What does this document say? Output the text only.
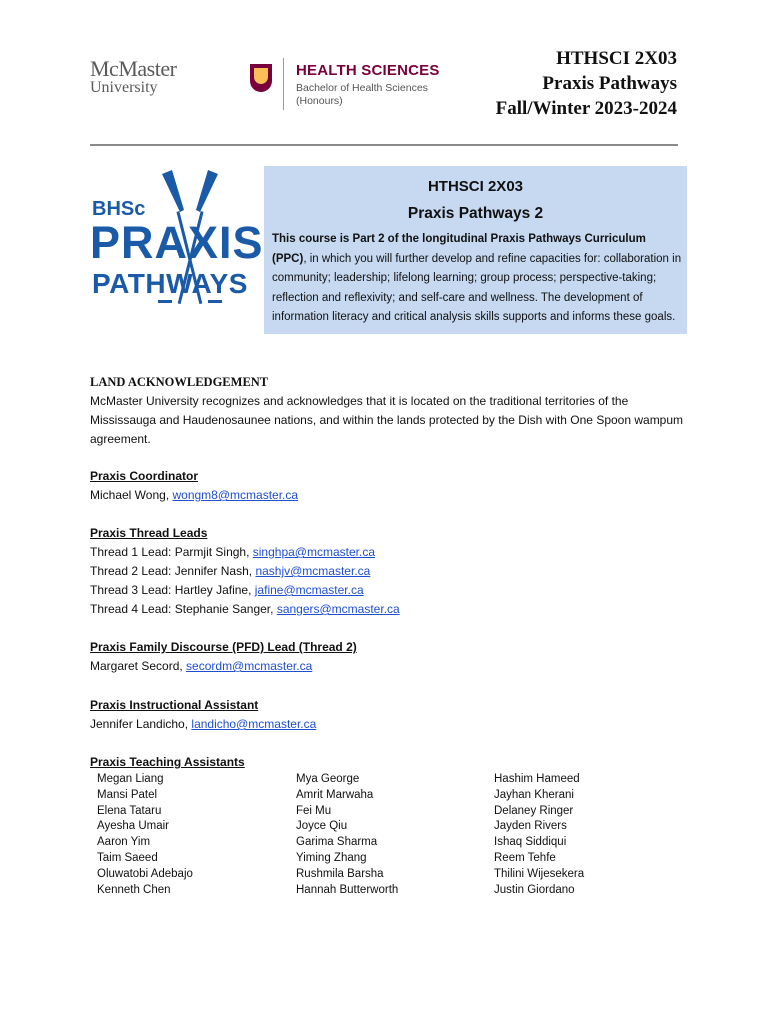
McMaster
University
HEALTH SCIENCES
Bachelor of Health Sciences
(Honours)
HTHSCI 2X03
Praxis Pathways
Fall/Winter 2023-2024
BHSc
PRAXIS
PATHWAYS
HTHSCI 2X03
Praxis Pathways 2
This course is Part 2 of the longitudinal Praxis Pathways Curriculum (PPC), in which you will further develop and refine capacities for: collaboration in community; leadership; lifelong learning; group process; perspective-taking; reflection and reflexivity; and self-care and wellness. The development of information literacy and critical analysis skills supports and informs these goals.
LAND ACKNOWLEDGEMENT
McMaster University recognizes and acknowledges that it is located on the traditional territories of the Mississauga and Haudenosaunee nations, and within the lands protected by the Dish with One Spoon wampum agreement.
Praxis Coordinator
Michael Wong, wongm8@mcmaster.ca
Praxis Thread Leads
Thread 1 Lead: Parmjit Singh, singhpa@mcmaster.ca
Thread 2 Lead: Jennifer Nash, nashjv@mcmaster.ca
Thread 3 Lead: Hartley Jafine, jafine@mcmaster.ca
Thread 4 Lead: Stephanie Sanger, sangers@mcmaster.ca
Praxis Family Discourse (PFD) Lead (Thread 2)
Margaret Secord, secordm@mcmaster.ca
Praxis Instructional Assistant
Jennifer Landicho, landicho@mcmaster.ca
Praxis Teaching Assistants
Megan Liang
Mansi Patel
Elena Tataru
Ayesha Umair
Aaron Yim
Taim Saeed
Oluwatobi Adebajo
Kenneth Chen
Mya George
Amrit Marwaha
Fei Mu
Joyce Qiu
Garima Sharma
Yiming Zhang
Rushmila Barsha
Hannah Butterworth
Hashim Hameed
Jayhan Kherani
Delaney Ringer
Jayden Rivers
Ishaq Siddiqui
Reem Tehfe
Thilini Wijesekera
Justin Giordano
